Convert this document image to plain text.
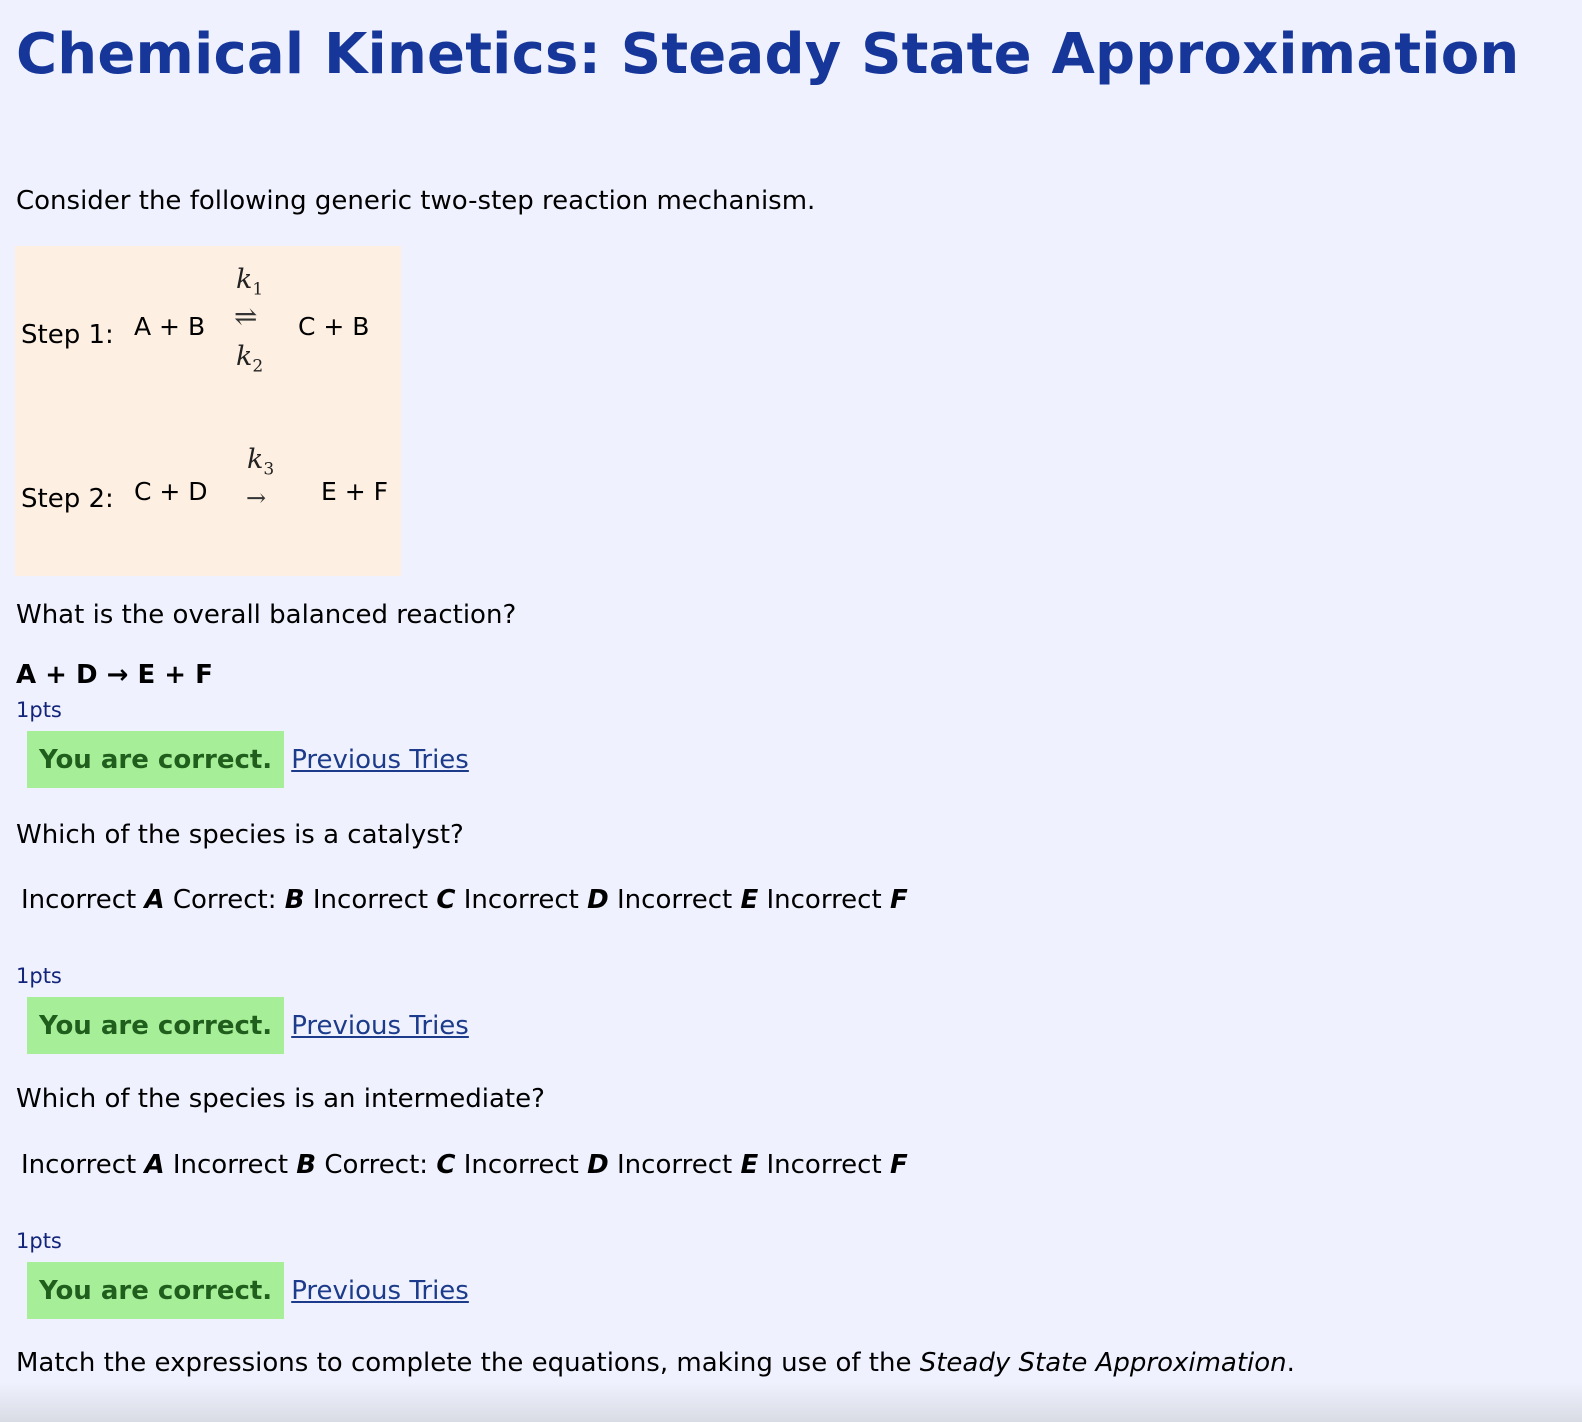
Chemical Kinetics: Steady State Approximation
Consider the following generic two-step reaction mechanism.
Step 1: A + B
$k_1$
⇌
$k_2$
C + B
Step 2: C + D
$k_3$
→ E + F
What is the overall balanced reaction?
A + D → E + F
1pts
You are correct. Previous Tries
Which of the species is a catalyst?
Incorrect A Correct: B Incorrect C Incorrect D Incorrect E Incorrect F
1pts
You are correct. Previous Tries
Which of the species is an intermediate?
Incorrect A Incorrect B Correct: C Incorrect D Incorrect E Incorrect F
1pts
You are correct. Previous Tries
Match the expressions to complete the equations, making use of the Steady State Approximation.
